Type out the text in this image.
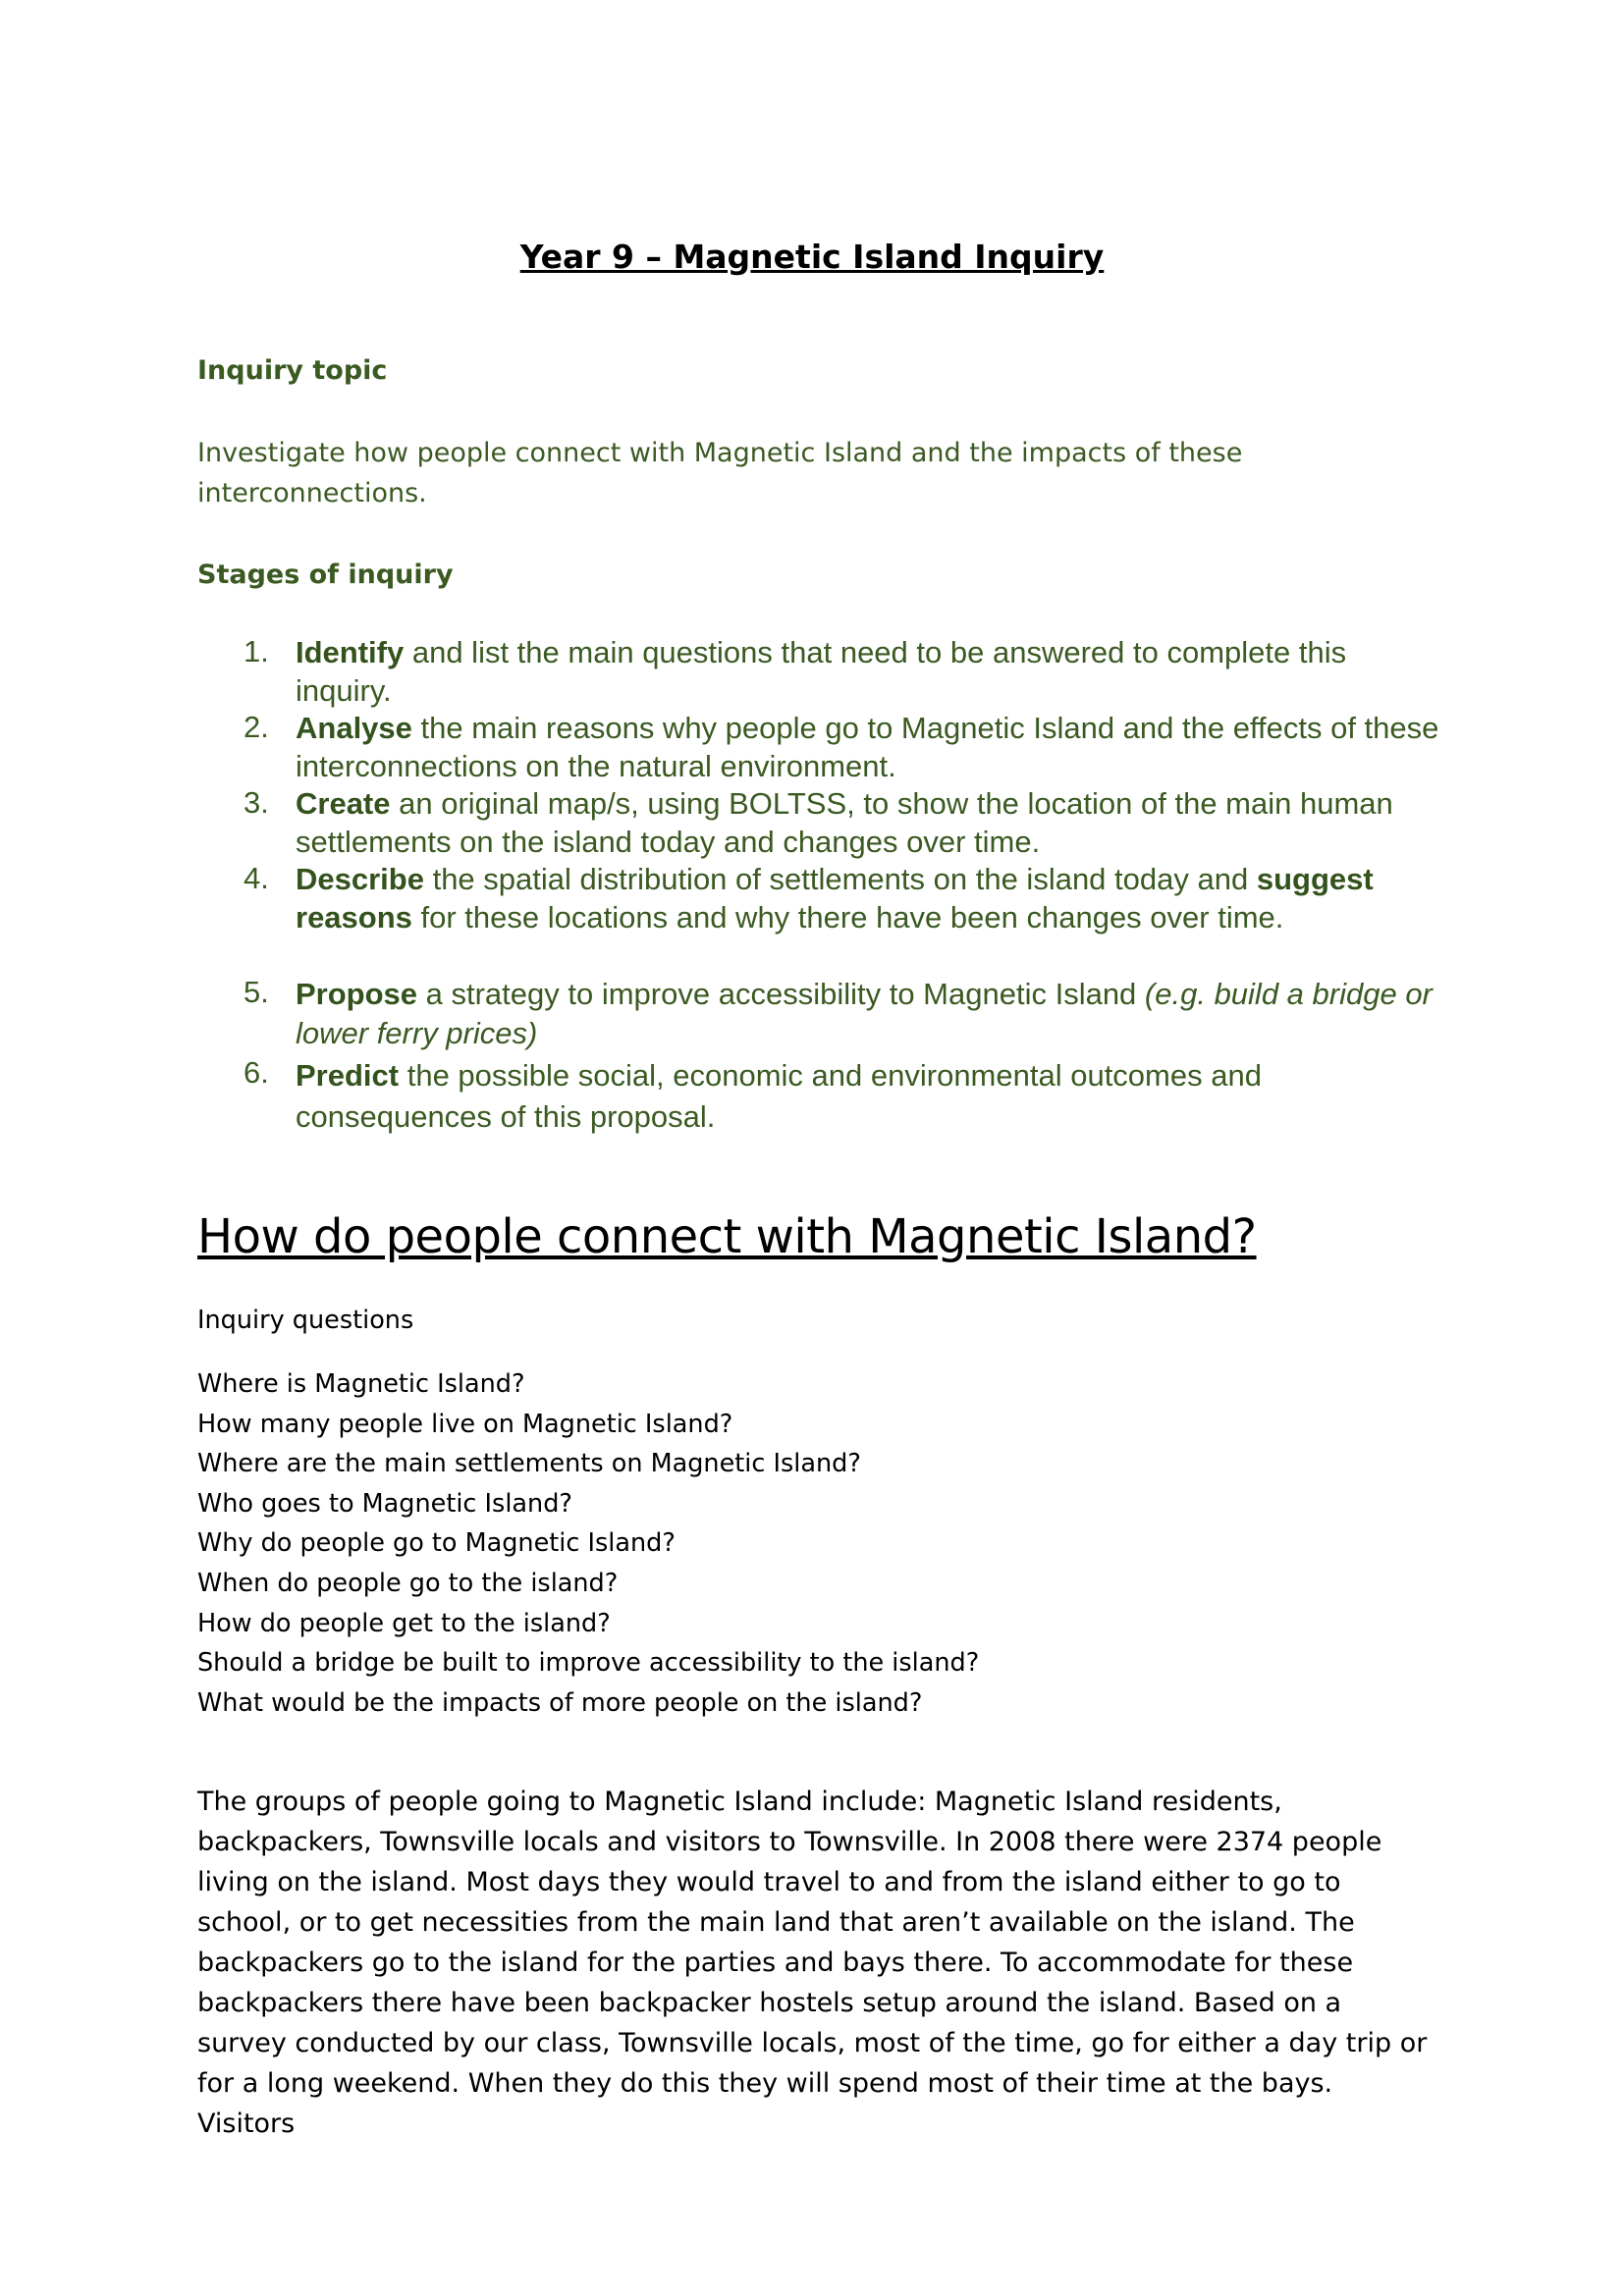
Year 9 – Magnetic Island Inquiry
Inquiry topic
Investigate how people connect with Magnetic Island and the impacts of these interconnections.
Stages of inquiry
1. Identify and list the main questions that need to be answered to complete this inquiry.
2. Analyse the main reasons why people go to Magnetic Island and the effects of these interconnections on the natural environment.
3. Create an original map/s, using BOLTSS, to show the location of the main human settlements on the island today and changes over time.
4. Describe the spatial distribution of settlements on the island today and suggest reasons for these locations and why there have been changes over time.
5. Propose a strategy to improve accessibility to Magnetic Island (e.g. build a bridge or lower ferry prices)
6. Predict the possible social, economic and environmental outcomes and consequences of this proposal.
How do people connect with Magnetic Island?
Inquiry questions
Where is Magnetic Island?
How many people live on Magnetic Island?
Where are the main settlements on Magnetic Island?
Who goes to Magnetic Island?
Why do people go to Magnetic Island?
When do people go to the island?
How do people get to the island?
Should a bridge be built to improve accessibility to the island?
What would be the impacts of more people on the island?

The groups of people going to Magnetic Island include: Magnetic Island residents, backpackers, Townsville locals and visitors to Townsville. In 2008 there were 2374 people living on the island. Most days they would travel to and from the island either to go to school, or to get necessities from the main land that aren’t available on the island. The backpackers go to the island for the parties and bays there. To accommodate for these backpackers there have been backpacker hostels setup around the island. Based on a survey conducted by our class, Townsville locals, most of the time, go for either a day trip or for a long weekend. When they do this they will spend most of their time at the bays. Visitors
